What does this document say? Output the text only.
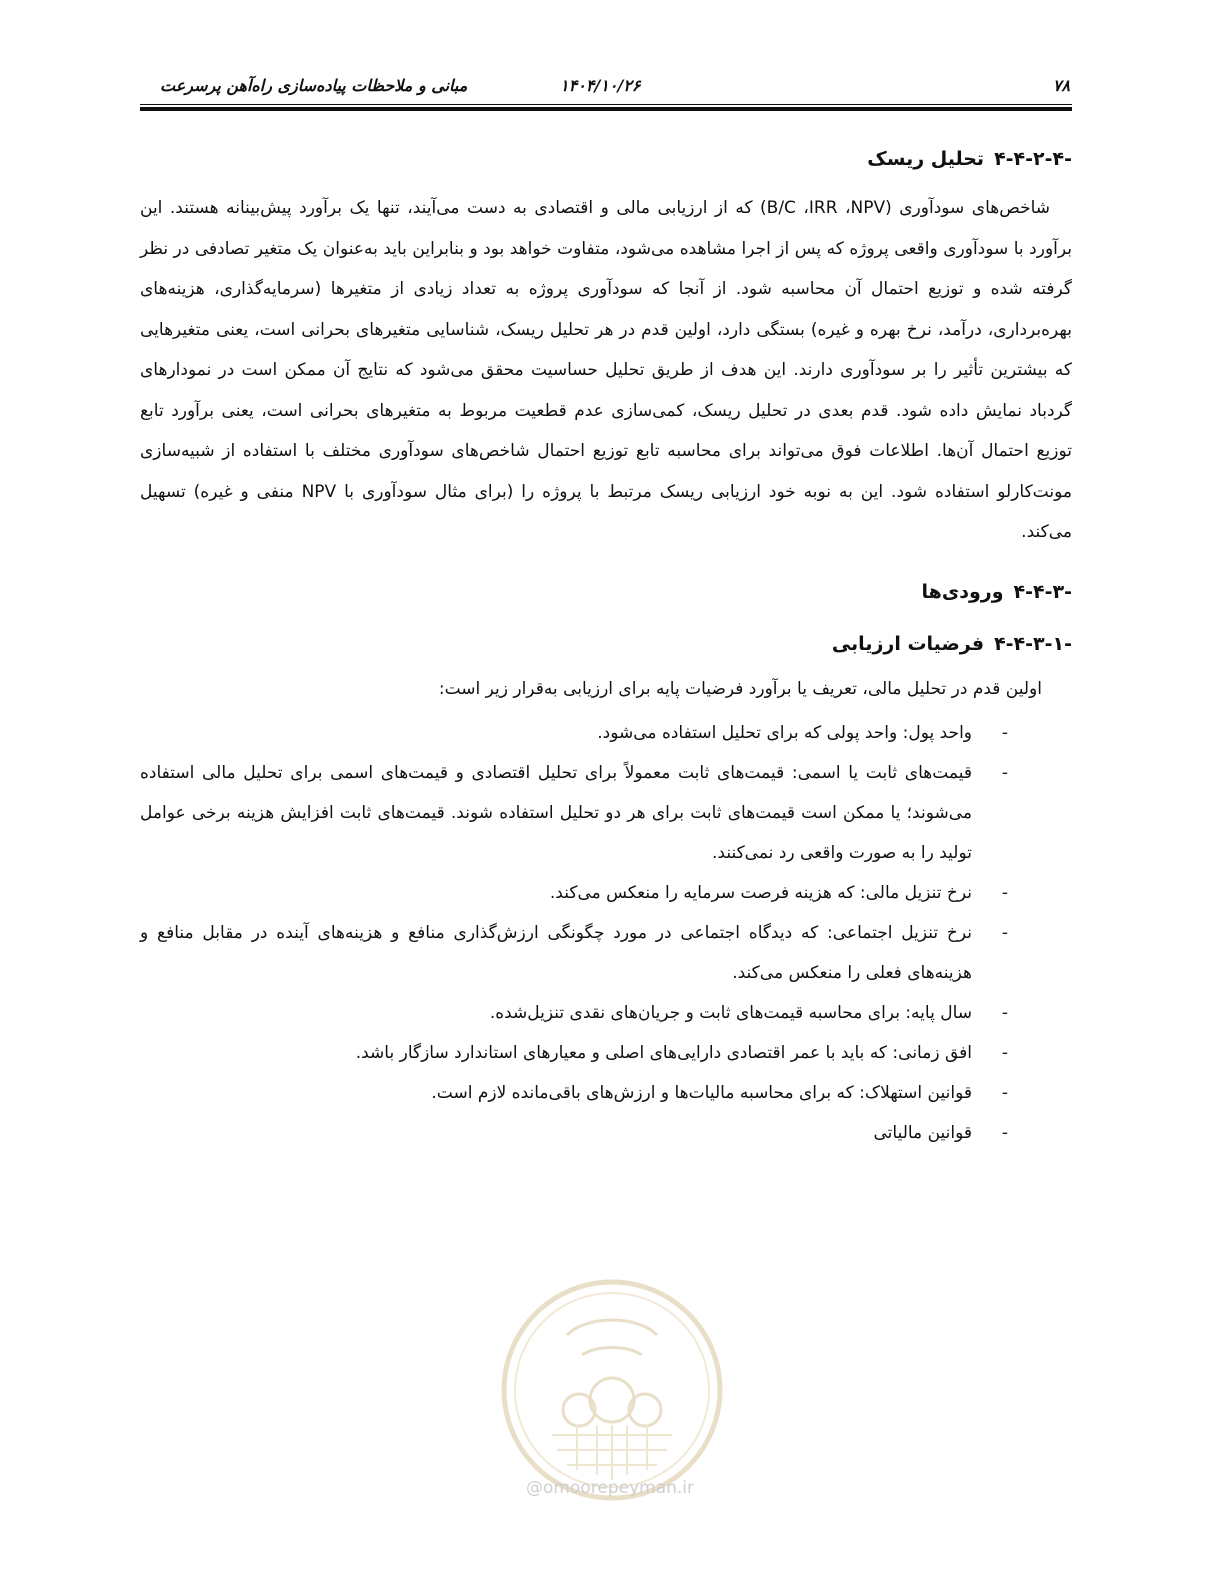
۷۸
مبانی و ملاحظات پیاده‌سازی راه‌آهن پرسرعت	۱۴۰۴/۱۰/۲۶
۴-۴-۲-۴-
تحلیل ریسک

شاخص‌های سودآوری (B/C ،IRR ،NPV) که از ارزیابی مالی و اقتصادی به دست می‌آیند، تنها یک برآورد پیش‌بینانه هستند. این برآورد با سودآوری واقعی پروژه که پس از اجرا مشاهده می‌شود، متفاوت خواهد بود و بنابراین باید به‌عنوان یک متغیر تصادفی در نظر گرفته شده و توزیع احتمال آن محاسبه شود. از آنجا که سودآوری پروژه به تعداد زیادی از متغیرها (سرمایه‌گذاری، هزینه‌های بهره‌برداری، درآمد، نرخ بهره و غیره) بستگی دارد، اولین قدم در هر تحلیل ریسک، شناسایی متغیرهای بحرانی است، یعنی متغیرهایی که بیشترین تأثیر را بر سودآوری دارند. این هدف از طریق تحلیل حساسیت محقق می‌شود که نتایج آن ممکن است در نمودارهای گردباد نمایش داده شود. قدم بعدی در تحلیل ریسک، کمی‌سازی عدم قطعیت مربوط به متغیرهای بحرانی است، یعنی برآورد تابع توزیع احتمال آن‌ها. اطلاعات فوق می‌تواند برای محاسبه تابع توزیع احتمال شاخص‌های سودآوری مختلف با استفاده از شبیه‌سازی مونت‌کارلو استفاده شود. این به نوبه خود ارزیابی ریسک مرتبط با پروژه را (برای مثال سودآوری با NPV منفی و غیره) تسهیل می‌کند.

۴-۴-۳-
ورودی‌ها
۴-۴-۳-۱-
فرضیات ارزیابی

اولین قدم در تحلیل مالی، تعریف یا برآورد فرضیات پایه برای ارزیابی به‌قرار زیر است:

-
واحد پول: واحد پولی که برای تحلیل استفاده می‌شود.
-
قیمت‌های ثابت یا اسمی: قیمت‌های ثابت معمولاً برای تحلیل اقتصادی و قیمت‌های اسمی برای تحلیل مالی استفاده می‌شوند؛ یا ممکن است قیمت‌های ثابت برای هر دو تحلیل استفاده شوند. قیمت‌های ثابت افزایش هزینه برخی عوامل تولید را به صورت واقعی رد نمی‌کنند.
-
نرخ تنزیل مالی: که هزینه فرصت سرمایه را منعکس می‌کند.
-
نرخ تنزیل اجتماعی: که دیدگاه اجتماعی در مورد چگونگی ارزش‌گذاری منافع و هزینه‌های آینده در مقابل منافع و هزینه‌های فعلی را منعکس می‌کند.
-
سال پایه: برای محاسبه قیمت‌های ثابت و جریان‌های نقدی تنزیل‌شده.
-
افق زمانی: که باید با عمر اقتصادی دارایی‌های اصلی و معیارهای استاندارد سازگار باشد.
-
قوانین استهلاک: که برای محاسبه مالیات‌ها و ارزش‌های باقی‌مانده لازم است.
-
قوانین مالیاتی
@omoorepeyman.ir
